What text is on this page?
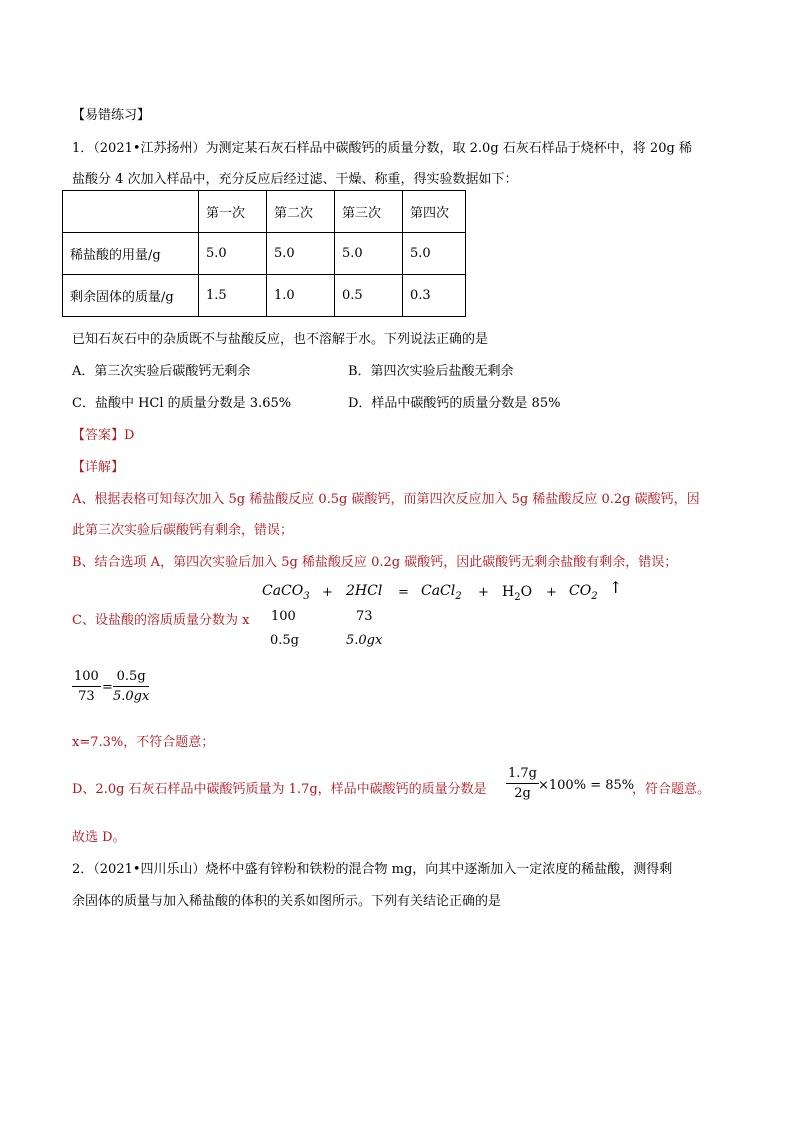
【易错练习】
1．（2021•江苏扬州）为测定某石灰石样品中碳酸钙的质量分数，取 2.0g 石灰石样品于烧杯中，将 20g 稀
盐酸分 4 次加入样品中，充分反应后经过滤、干燥、称重，得实验数据如下：
	第一次	第二次	第三次	第四次
稀盐酸的用量/g	5.0	5.0	5.0	5.0
剩余固体的质量/g	1.5	1.0	0.5	0.3
已知石灰石中的杂质既不与盐酸反应，也不溶解于水。下列说法正确的是
A．第三次实验后碳酸钙无剩余	B．第四次实验后盐酸无剩余
C．盐酸中 HCl 的质量分数是 3.65%	D．样品中碳酸钙的质量分数是 85%
【答案】D
【详解】
A、根据表格可知每次加入 5g 稀盐酸反应 0.5g 碳酸钙，而第四次反应加入 5g 稀盐酸反应 0.2g 碳酸钙，因
此第三次实验后碳酸钙有剩余，错误；
B、结合选项 A，第四次实验后加入 5g 稀盐酸反应 0.2g 碳酸钙，因此碳酸钙无剩余盐酸有剩余，错误；
CaCO$_3$ + 2HCl = CaCl$_2$ + $H_2O + CO_2$ ↑
C、设盐酸的溶质质量分数为 x 100	73
0.5g	5.0gx
$\frac{100}{73} = \frac{0.5g}{5.0gx}$
x=7.3%，不符合题意；
D、2.0g 石灰石样品中碳酸钙质量为 1.7g，样品中碳酸钙的质量分数是 $\frac{1.7g}{2g} \times 100\% = 85\%$
，符合题意。
故选 D。
2．（2021•四川乐山）烧杯中盛有锌粉和铁粉的混合物 mg，向其中逐渐加入一定浓度的稀盐酸，测得剩
余固体的质量与加入稀盐酸的体积的关系如图所示。下列有关结论正确的是
